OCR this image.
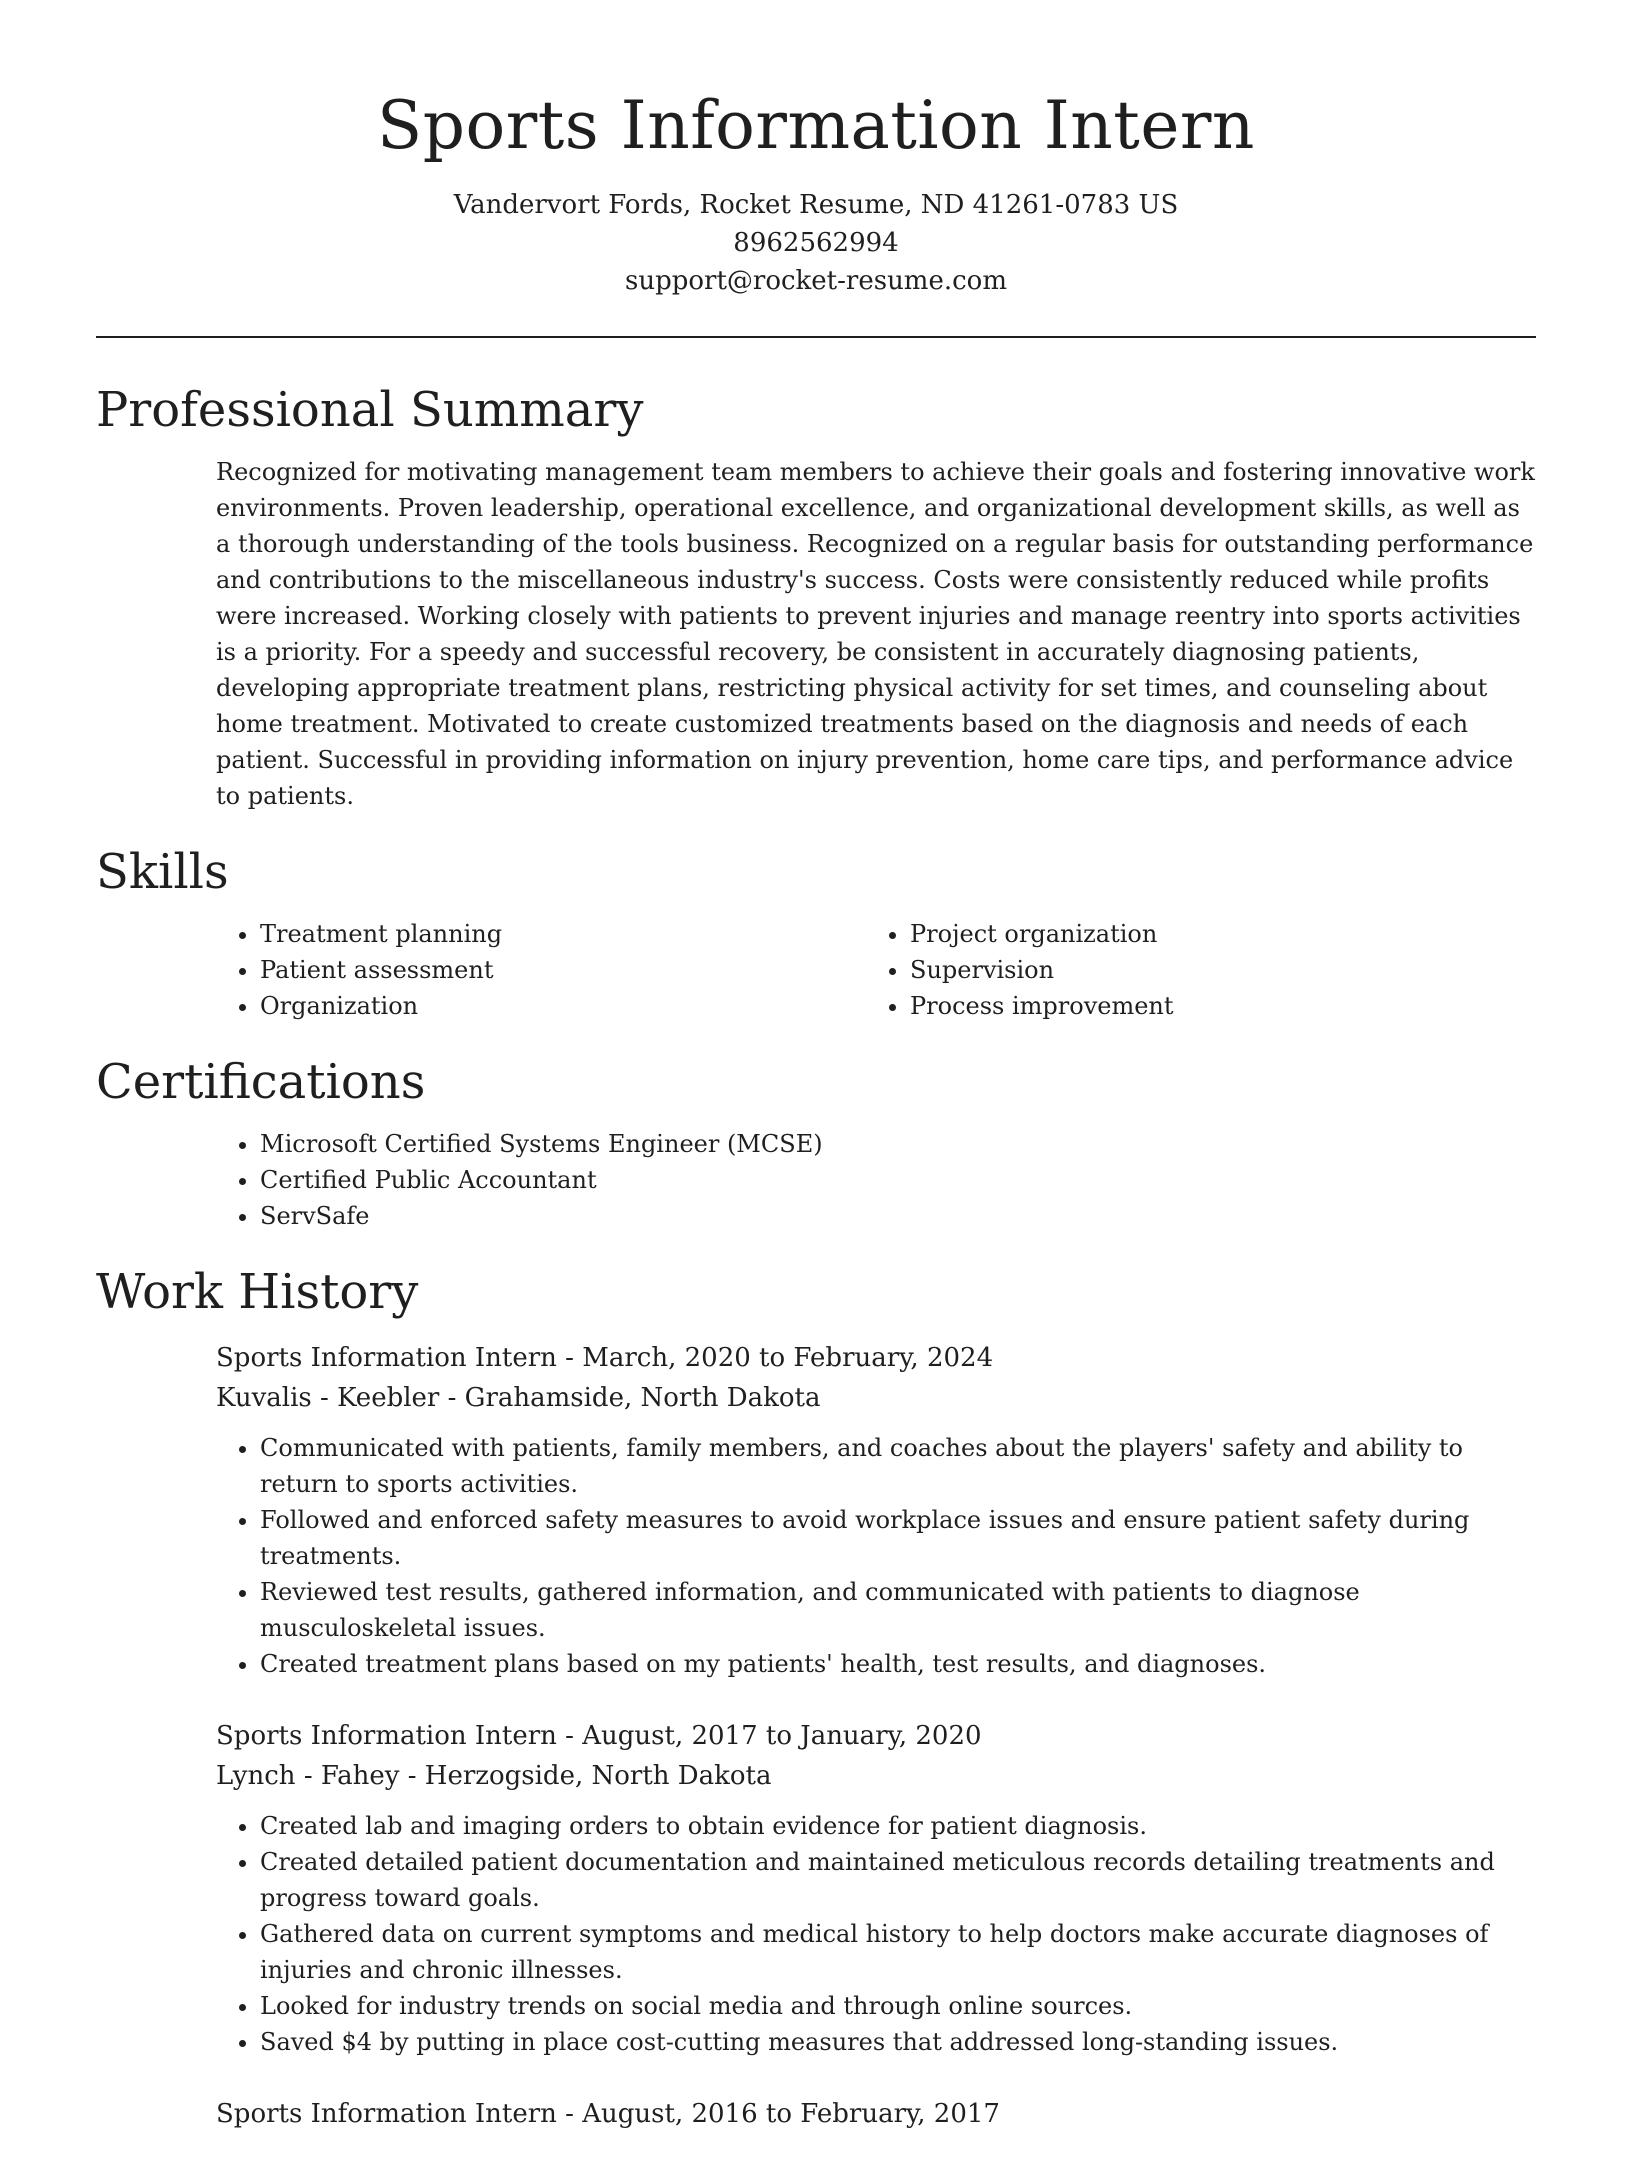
Sports Information Intern

Vandervort Fords, Rocket Resume, ND 41261-0783 US

8962562994

support@rocket-resume.com

Professional Summary

Recognized for motivating management team members to achieve their goals and fostering innovative work environments. Proven leadership, operational excellence, and organizational development skills, as well as a thorough understanding of the tools business. Recognized on a regular basis for outstanding performance and contributions to the miscellaneous industry's success. Costs were consistently reduced while profits were increased. Working closely with patients to prevent injuries and manage reentry into sports activities is a priority. For a speedy and successful recovery, be consistent in accurately diagnosing patients, developing appropriate treatment plans, restricting physical activity for set times, and counseling about home treatment. Motivated to create customized treatments based on the diagnosis and needs of each patient. Successful in providing information on injury prevention, home care tips, and performance advice to patients.

Skills
• Treatment planning
• Patient assessment
• Organization
• Project organization
• Supervision
• Process improvement
Certifications
• Microsoft Certified Systems Engineer (MCSE)
• Certified Public Accountant
• ServSafe
Work History

Sports Information Intern - March, 2020 to February, 2024

Kuvalis - Keebler - Grahamside, North Dakota

• Communicated with patients, family members, and coaches about the players' safety and ability to return to sports activities.
• Followed and enforced safety measures to avoid workplace issues and ensure patient safety during treatments.
• Reviewed test results, gathered information, and communicated with patients to diagnose musculoskeletal issues.
• Created treatment plans based on my patients' health, test results, and diagnoses.

Sports Information Intern - August, 2017 to January, 2020

Lynch - Fahey - Herzogside, North Dakota

• Created lab and imaging orders to obtain evidence for patient diagnosis.
• Created detailed patient documentation and maintained meticulous records detailing treatments and progress toward goals.
• Gathered data on current symptoms and medical history to help doctors make accurate diagnoses of injuries and chronic illnesses.
• Looked for industry trends on social media and through online sources.
• Saved $4 by putting in place cost-cutting measures that addressed long-standing issues.

Sports Information Intern - August, 2016 to February, 2017
